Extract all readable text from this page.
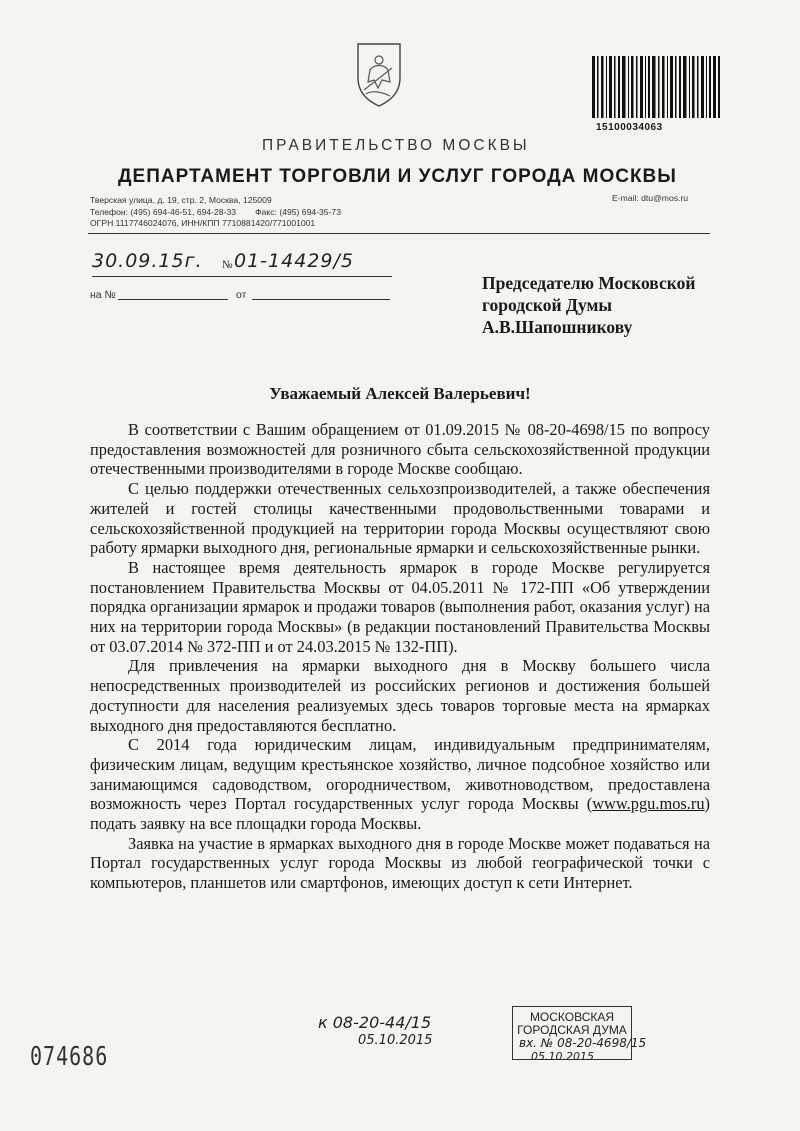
15100034063
ПРАВИТЕЛЬСТВО МОСКВЫ
ДЕПАРТАМЕНТ ТОРГОВЛИ И УСЛУГ ГОРОДА МОСКВЫ
Тверская улица, д. 19, стр. 2, Москва, 125009
Телефон: (495) 694-46-51, 694-28-33        Факс: (495) 694-35-73
ОГРН 1117746024076, ИНН/КПП 7710881420/771001001
E-mail: dtu@mos.ru
30.09.15г. № 01-14429/5
на №	от
Председателю Московской
городской Думы
А.В.Шапошникову
Уважаемый Алексей Валерьевич!

В соответствии с Вашим обращением от 01.09.2015 № 08-20-4698/15 по вопросу предоставления возможностей для розничного сбыта сельскохозяйственной продукции отечественными производителями в городе Москве сообщаю.

С целью поддержки отечественных сельхозпроизводителей, а также обеспечения жителей и гостей столицы качественными продовольственными товарами и сельскохозяйственной продукцией на территории города Москвы осуществляют свою работу ярмарки выходного дня, региональные ярмарки и сельскохозяйственные рынки.

В настоящее время деятельность ярмарок в городе Москве регулируется постановлением Правительства Москвы от 04.05.2011 № 172-ПП «Об утверждении порядка организации ярмарок и продажи товаров (выполнения работ, оказания услуг) на них на территории города Москвы» (в редакции постановлений Правительства Москвы от 03.07.2014 № 372-ПП и от 24.03.2015 № 132-ПП).

Для привлечения на ярмарки выходного дня в Москву большего числа непосредственных производителей из российских регионов и достижения большей доступности для населения реализуемых здесь товаров торговые места на ярмарках выходного дня предоставляются бесплатно.

С 2014 года юридическим лицам, индивидуальным предпринимателям, физическим лицам, ведущим крестьянское хозяйство, личное подсобное хозяйство или занимающимся садоводством, огородничеством, животноводством, предоставлена возможность через Портал государственных услуг города Москвы (www.pgu.mos.ru) подать заявку на все площадки города Москвы.

Заявка на участие в ярмарках выходного дня в городе Москве может подаваться на Портал государственных услуг города Москвы из любой географической точки с компьютеров, планшетов или смартфонов, имеющих доступ к сети Интернет.

к 08-20-44/15
05.10.2015
МОСКОВСКАЯ
ГОРОДСКАЯ ДУМА
вх. № 08-20-4698/15
05.10.2015
074686
